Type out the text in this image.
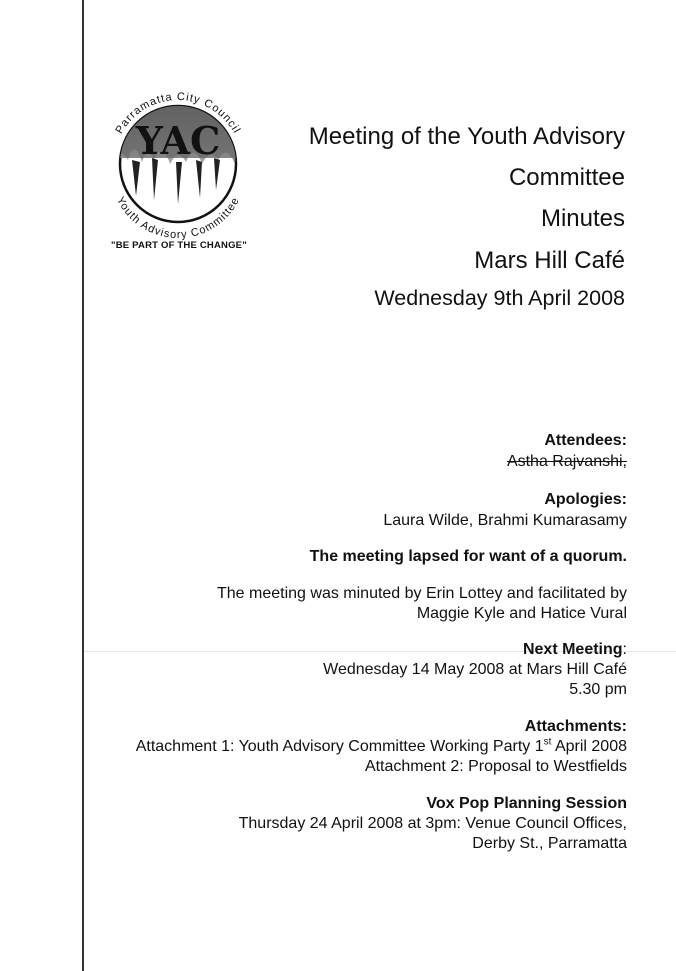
YAC
Parramatta City Council
Youth Advisory Committee
"BE PART OF THE CHANGE"
Meeting of the Youth Advisory
Committee
Minutes
Mars Hill Café
Wednesday 9th April 2008
Attendees:
Astha Rajvanshi,
Apologies:
Laura Wilde, Brahmi Kumarasamy
The meeting lapsed for want of a quorum.
The meeting was minuted by Erin Lottey and facilitated by
Maggie Kyle and Hatice Vural
Next Meeting:
Wednesday 14 May 2008 at Mars Hill Café
5.30 pm
Attachments:
Attachment 1: Youth Advisory Committee Working Party 1st April 2008
Attachment 2: Proposal to Westfields
Vox Pop Planning Session
Thursday 24 April 2008 at 3pm: Venue Council Offices,
Derby St., Parramatta
